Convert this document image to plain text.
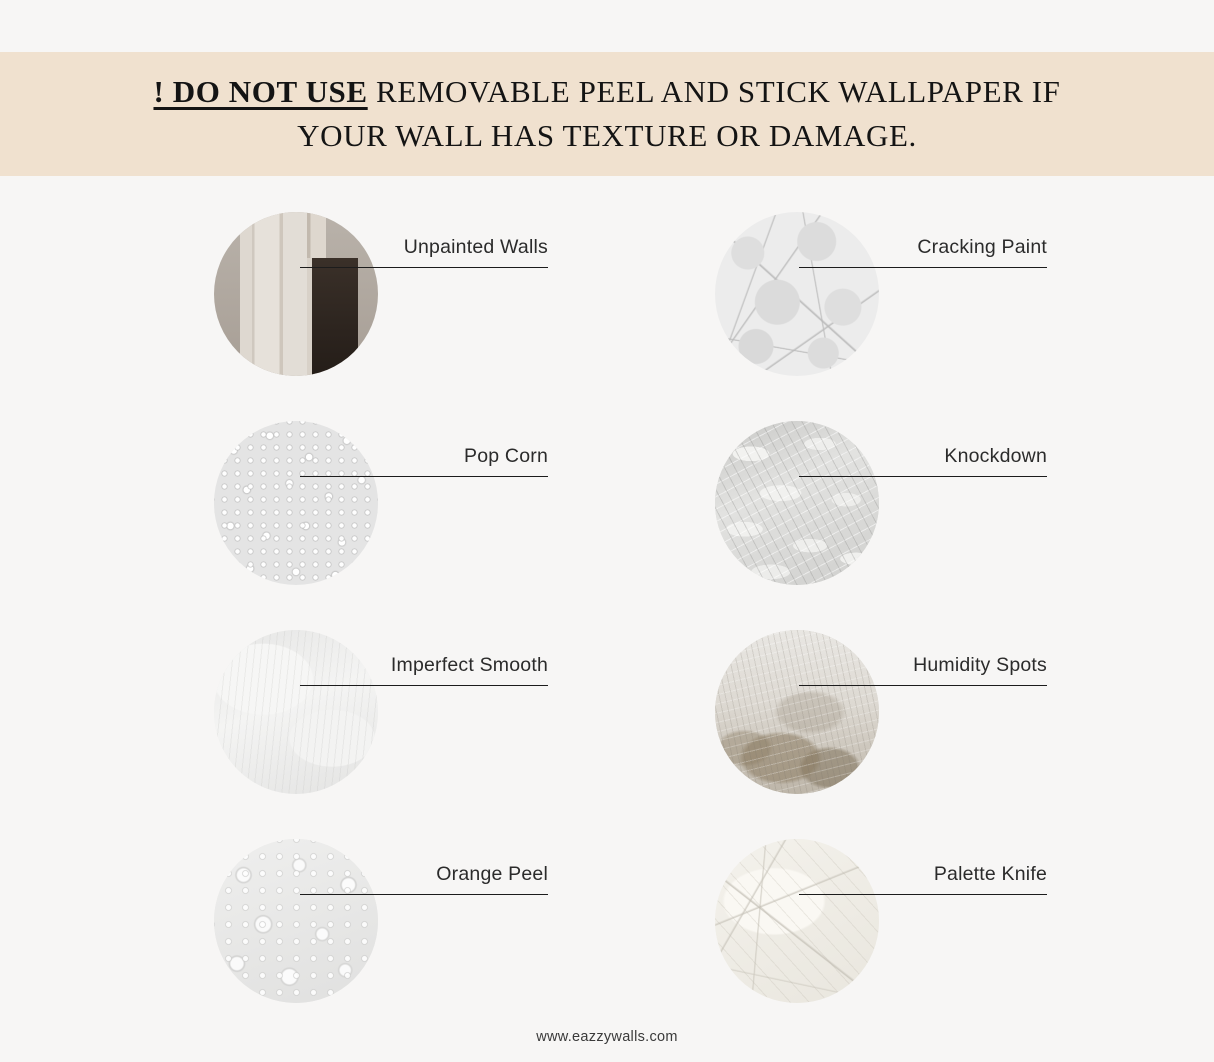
! DO NOT USE REMOVABLE PEEL AND STICK WALLPAPER IF YOUR WALL HAS TEXTURE OR DAMAGE.
Unpainted Walls	Cracking Paint
Pop Corn	Knockdown
Imperfect Smooth	Humidity Spots
Orange Peel	Palette Knife
www.eazzywalls.com
